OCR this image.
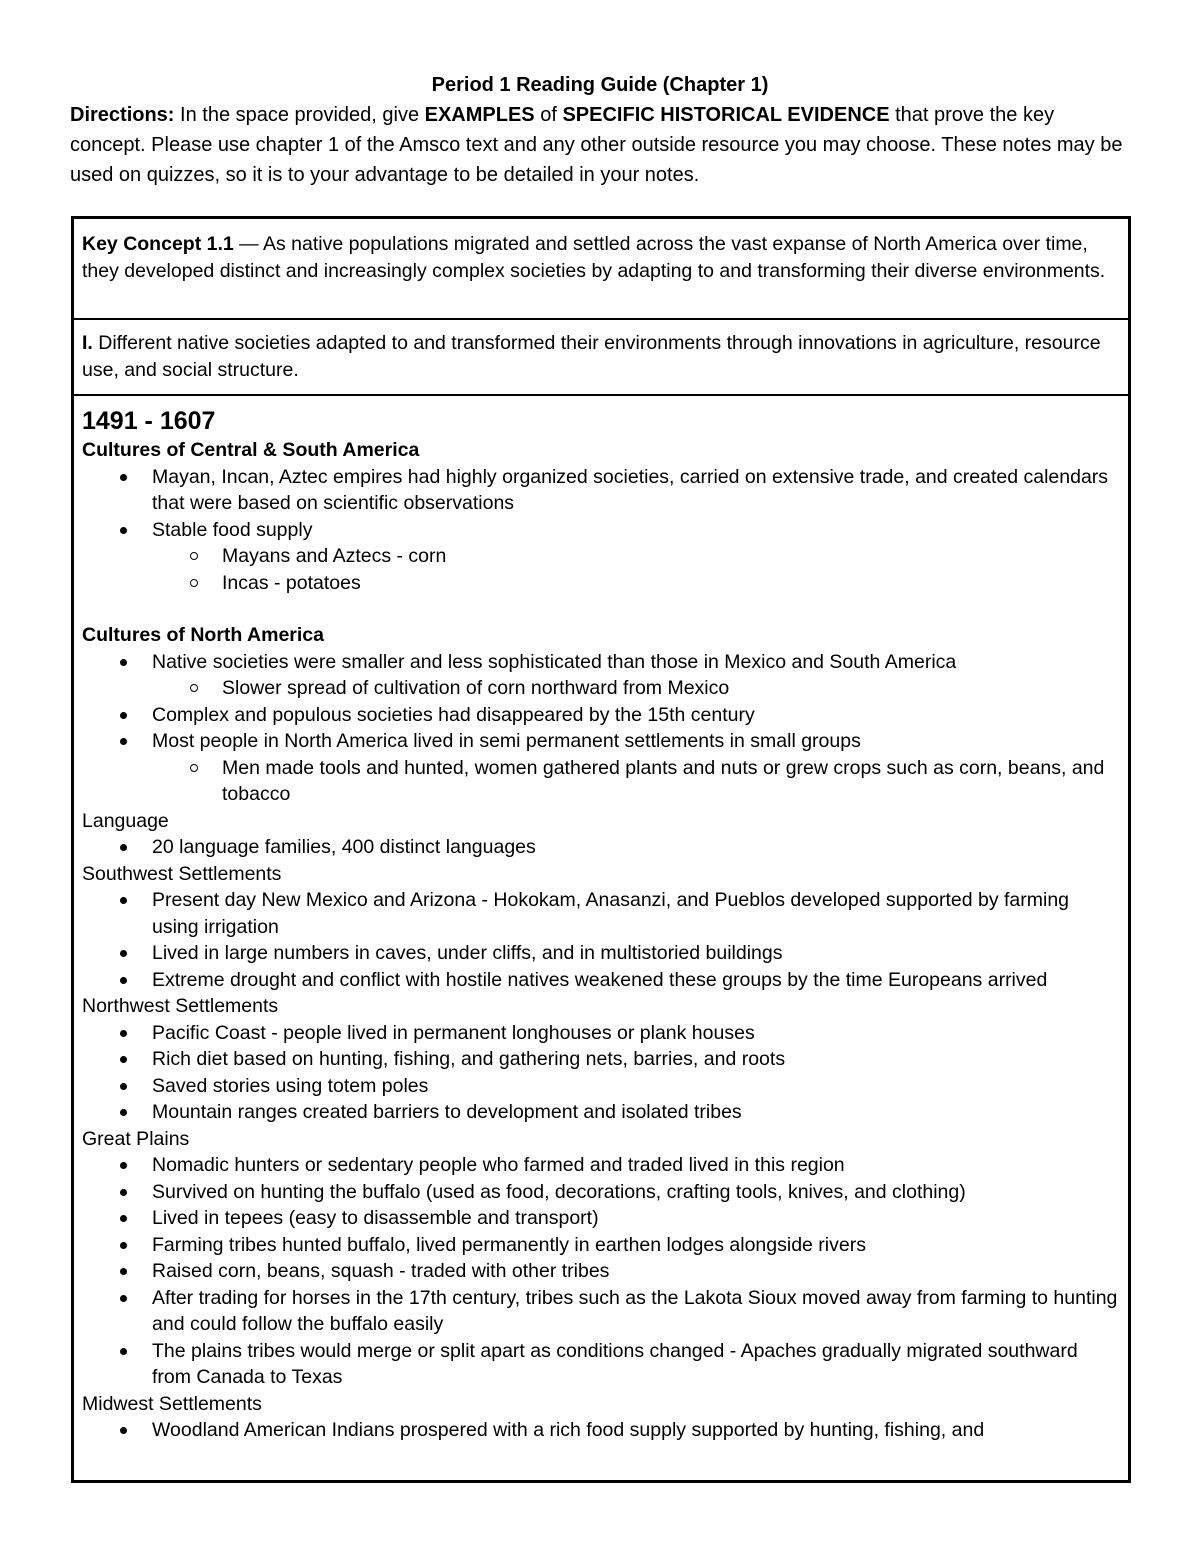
Period 1 Reading Guide (Chapter 1)
Directions: In the space provided, give EXAMPLES of SPECIFIC HISTORICAL EVIDENCE that prove the key concept. Please use chapter 1 of the Amsco text and any other outside resource you may choose. These notes may be used on quizzes, so it is to your advantage to be detailed in your notes.
Key Concept 1.1 — As native populations migrated and settled across the vast expanse of North America over time, they developed distinct and increasingly complex societies by adapting to and transforming their diverse environments.
I. Different native societies adapted to and transformed their environments through innovations in agriculture, resource use, and social structure.

1491 - 1607

Cultures of Central & South America

Mayan, Incan, Aztec empires had highly organized societies, carried on extensive trade, and created calendars that were based on scientific observations
Stable food supply
Mayans and Aztecs - corn
Incas - potatoes

Cultures of North America

Native societies were smaller and less sophisticated than those in Mexico and South America
Slower spread of cultivation of corn northward from Mexico
Complex and populous societies had disappeared by the 15th century
Most people in North America lived in semi permanent settlements in small groups
Men made tools and hunted, women gathered plants and nuts or grew crops such as corn, beans, and tobacco

Language

20 language families, 400 distinct languages

Southwest Settlements

Present day New Mexico and Arizona - Hokokam, Anasanzi, and Pueblos developed supported by farming using irrigation
Lived in large numbers in caves, under cliffs, and in multistoried buildings
Extreme drought and conflict with hostile natives weakened these groups by the time Europeans arrived

Northwest Settlements

Pacific Coast - people lived in permanent longhouses or plank houses
Rich diet based on hunting, fishing, and gathering nets, barries, and roots
Saved stories using totem poles
Mountain ranges created barriers to development and isolated tribes

Great Plains

Nomadic hunters or sedentary people who farmed and traded lived in this region
Survived on hunting the buffalo (used as food, decorations, crafting tools, knives, and clothing)
Lived in tepees (easy to disassemble and transport)
Farming tribes hunted buffalo, lived permanently in earthen lodges alongside rivers
Raised corn, beans, squash - traded with other tribes
After trading for horses in the 17th century, tribes such as the Lakota Sioux moved away from farming to hunting and could follow the buffalo easily
The plains tribes would merge or split apart as conditions changed - Apaches gradually migrated southward from Canada to Texas

Midwest Settlements

Woodland American Indians prospered with a rich food supply supported by hunting, fishing, and
